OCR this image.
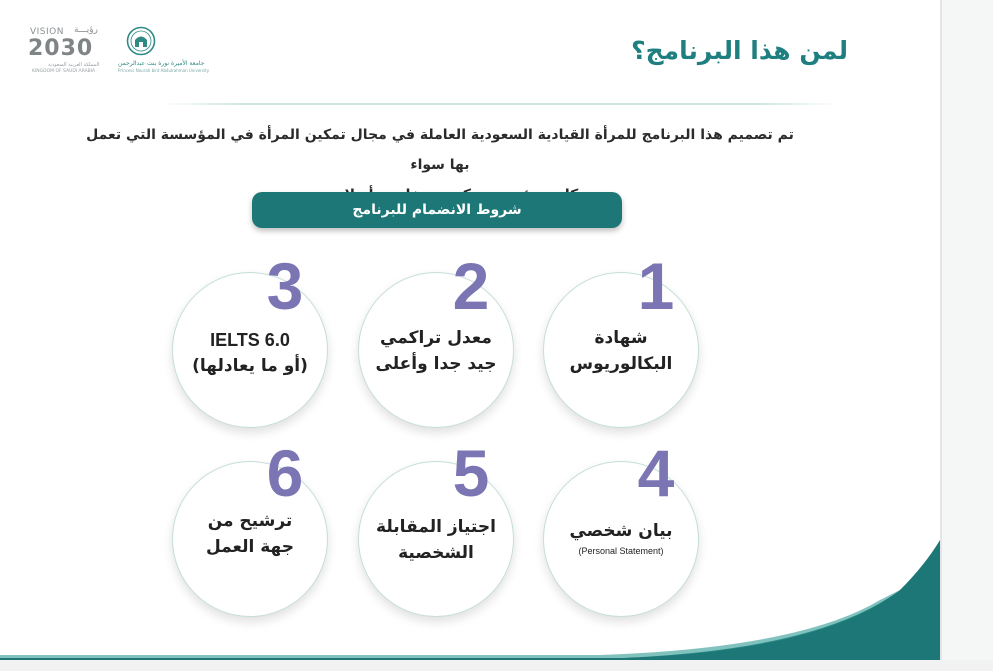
VISION رؤيـــة
2030
المملكة العربية السعودية
KINGDOM OF SAUDI ARABIA
جامعة الأميرة نورة بنت عبدالرحمن
Princess Nourah bint Abdulrahman University
لمن هذا البرنامج؟
تم تصميم هذا البرنامج للمرأة القيادية السعودية العاملة في مجال تمكين المرأة في المؤسسة التي تعمل بها سواء
شروط الانضمام للبرنامج
1
شهادة
البكالوريوس
2
معدل تراكمي
جيد جدا وأعلى
3
IELTS 6.0
(أو ما يعادلها)
4
بيان شخصي
(Personal Statement)
5
اجتياز المقابلة
الشخصية
6
ترشيح من
جهة العمل
